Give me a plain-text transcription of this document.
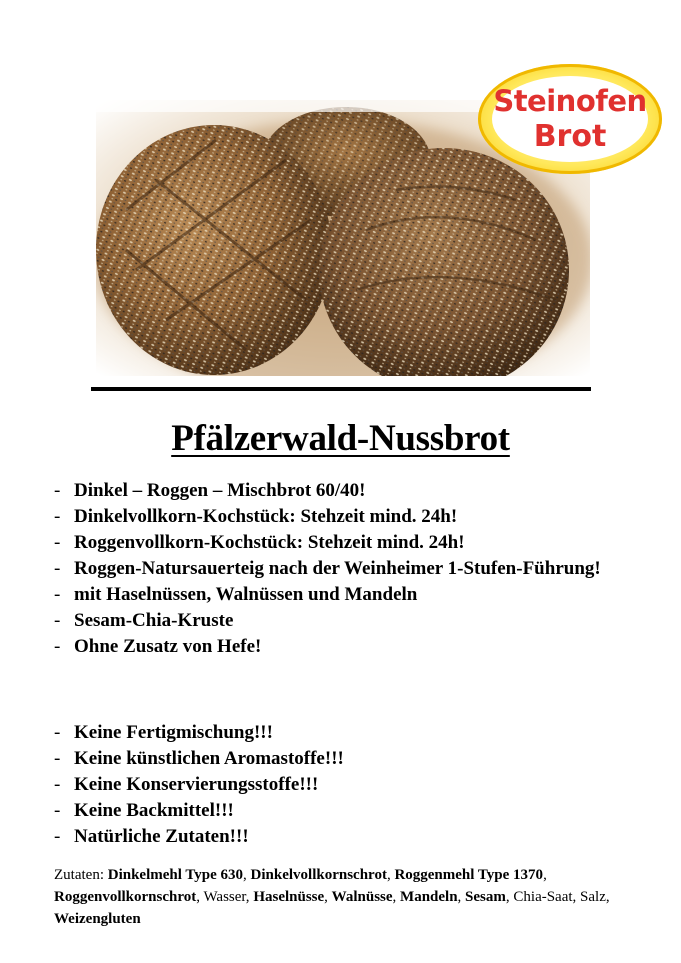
Steinofen
Brot
Pfälzerwald-Nussbrot
- Dinkel – Roggen – Mischbrot 60/40!
- Dinkelvollkorn-Kochstück: Stehzeit mind. 24h!
- Roggenvollkorn-Kochstück: Stehzeit mind. 24h!
- Roggen-Natursauerteig nach der Weinheimer 1-Stufen-Führung!
- mit Haselnüssen, Walnüssen und Mandeln
- Sesam-Chia-Kruste
- Ohne Zusatz von Hefe!
- Keine Fertigmischung!!!
- Keine künstlichen Aromastoffe!!!
- Keine Konservierungsstoffe!!!
- Keine Backmittel!!!
- Natürliche Zutaten!!!

Zutaten: Dinkelmehl Type 630, Dinkelvollkornschrot, Roggenmehl Type 1370, Roggenvollkornschrot, Wasser, Haselnüsse, Walnüsse, Mandeln, Sesam, Chia-Saat, Salz, Weizengluten
